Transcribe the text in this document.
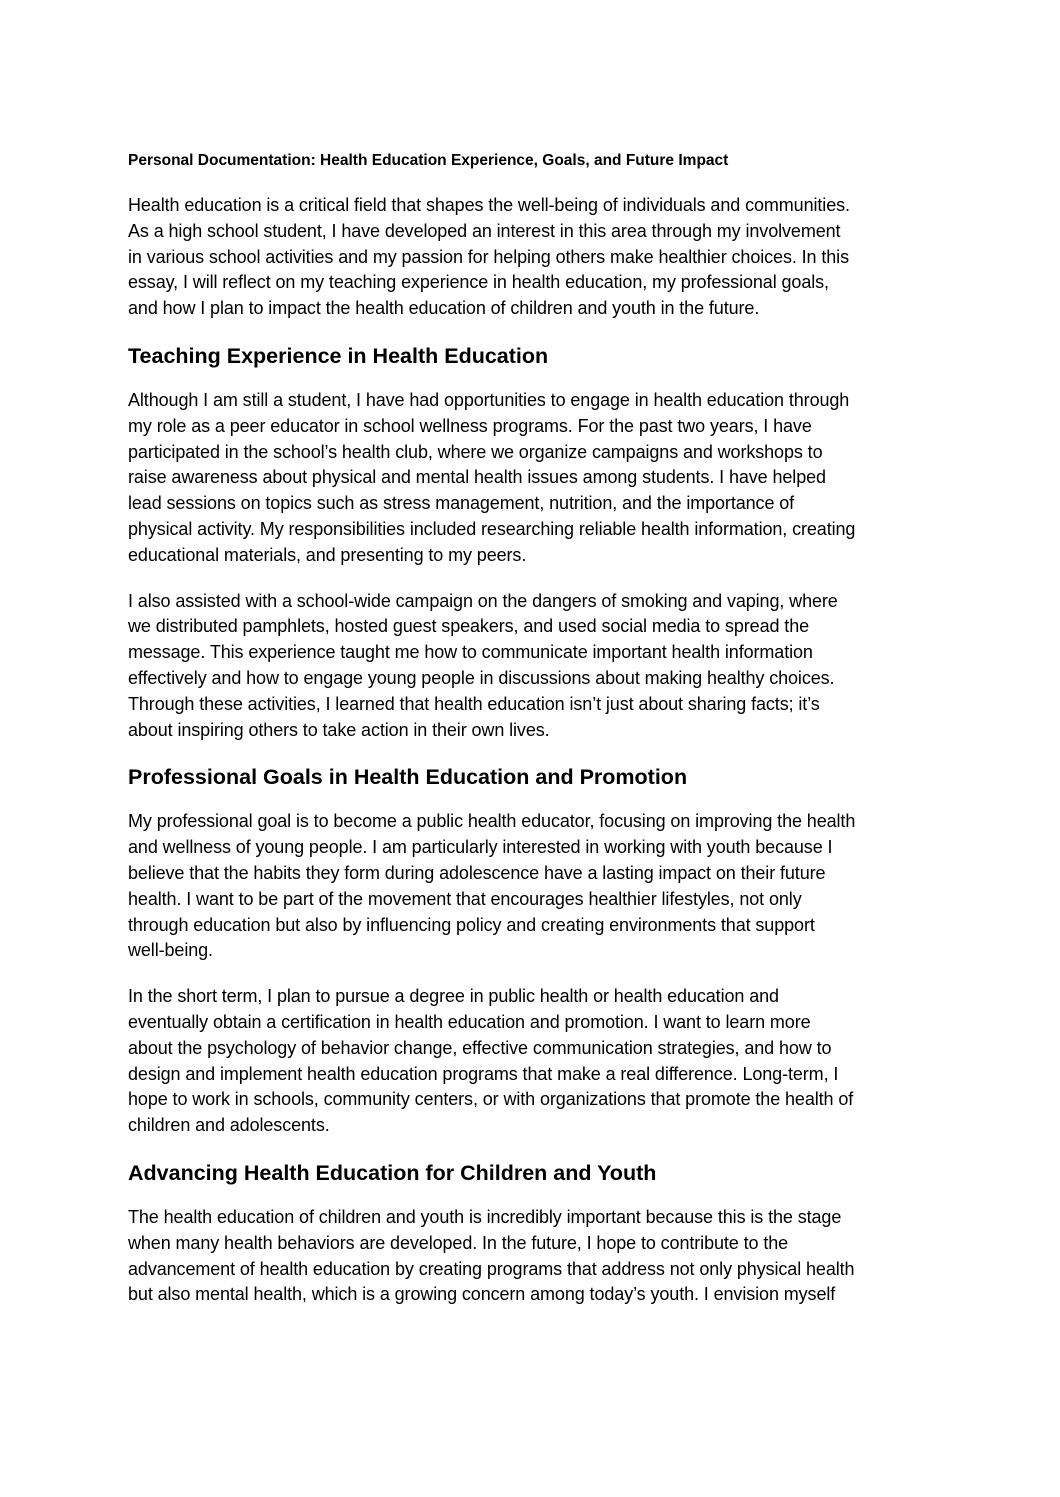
Personal Documentation: Health Education Experience, Goals, and Future Impact

Health education is a critical field that shapes the well-being of individuals and communities.
As a high school student, I have developed an interest in this area through my involvement
in various school activities and my passion for helping others make healthier choices. In this
essay, I will reflect on my teaching experience in health education, my professional goals,
and how I plan to impact the health education of children and youth in the future.

Teaching Experience in Health Education

Although I am still a student, I have had opportunities to engage in health education through
my role as a peer educator in school wellness programs. For the past two years, I have
participated in the school’s health club, where we organize campaigns and workshops to
raise awareness about physical and mental health issues among students. I have helped
lead sessions on topics such as stress management, nutrition, and the importance of
physical activity. My responsibilities included researching reliable health information, creating
educational materials, and presenting to my peers.

I also assisted with a school-wide campaign on the dangers of smoking and vaping, where
we distributed pamphlets, hosted guest speakers, and used social media to spread the
message. This experience taught me how to communicate important health information
effectively and how to engage young people in discussions about making healthy choices.
Through these activities, I learned that health education isn’t just about sharing facts; it’s
about inspiring others to take action in their own lives.

Professional Goals in Health Education and Promotion

My professional goal is to become a public health educator, focusing on improving the health
and wellness of young people. I am particularly interested in working with youth because I
believe that the habits they form during adolescence have a lasting impact on their future
health. I want to be part of the movement that encourages healthier lifestyles, not only
through education but also by influencing policy and creating environments that support
well-being.

In the short term, I plan to pursue a degree in public health or health education and
eventually obtain a certification in health education and promotion. I want to learn more
about the psychology of behavior change, effective communication strategies, and how to
design and implement health education programs that make a real difference. Long-term, I
hope to work in schools, community centers, or with organizations that promote the health of
children and adolescents.

Advancing Health Education for Children and Youth

The health education of children and youth is incredibly important because this is the stage
when many health behaviors are developed. In the future, I hope to contribute to the
advancement of health education by creating programs that address not only physical health
but also mental health, which is a growing concern among today’s youth. I envision myself
